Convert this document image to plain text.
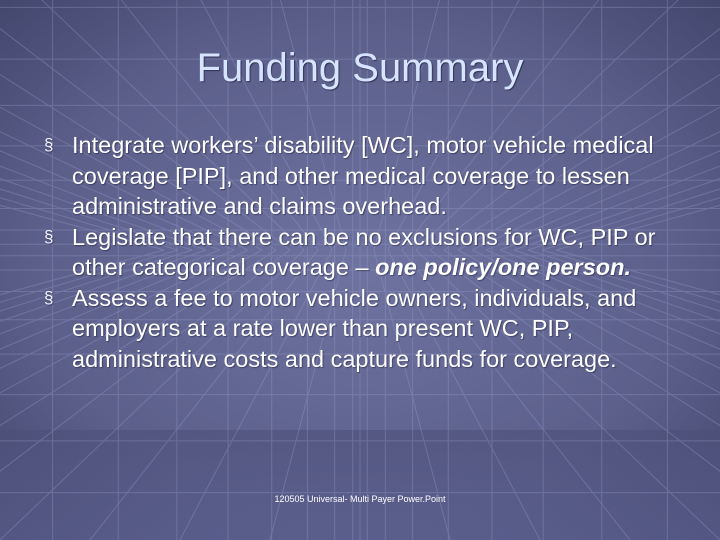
Funding Summary
§ Integrate workers’ disability [WC], motor vehicle medical coverage [PIP], and other medical coverage to lessen administrative and claims overhead.
§ Legislate that there can be no exclusions for WC, PIP or other categorical coverage – one policy/one person.
§ Assess a fee to motor vehicle owners, individuals, and employers at a rate lower than present WC, PIP, administrative costs and capture funds for coverage.
120505 Universal- Multi Payer Power.Point
